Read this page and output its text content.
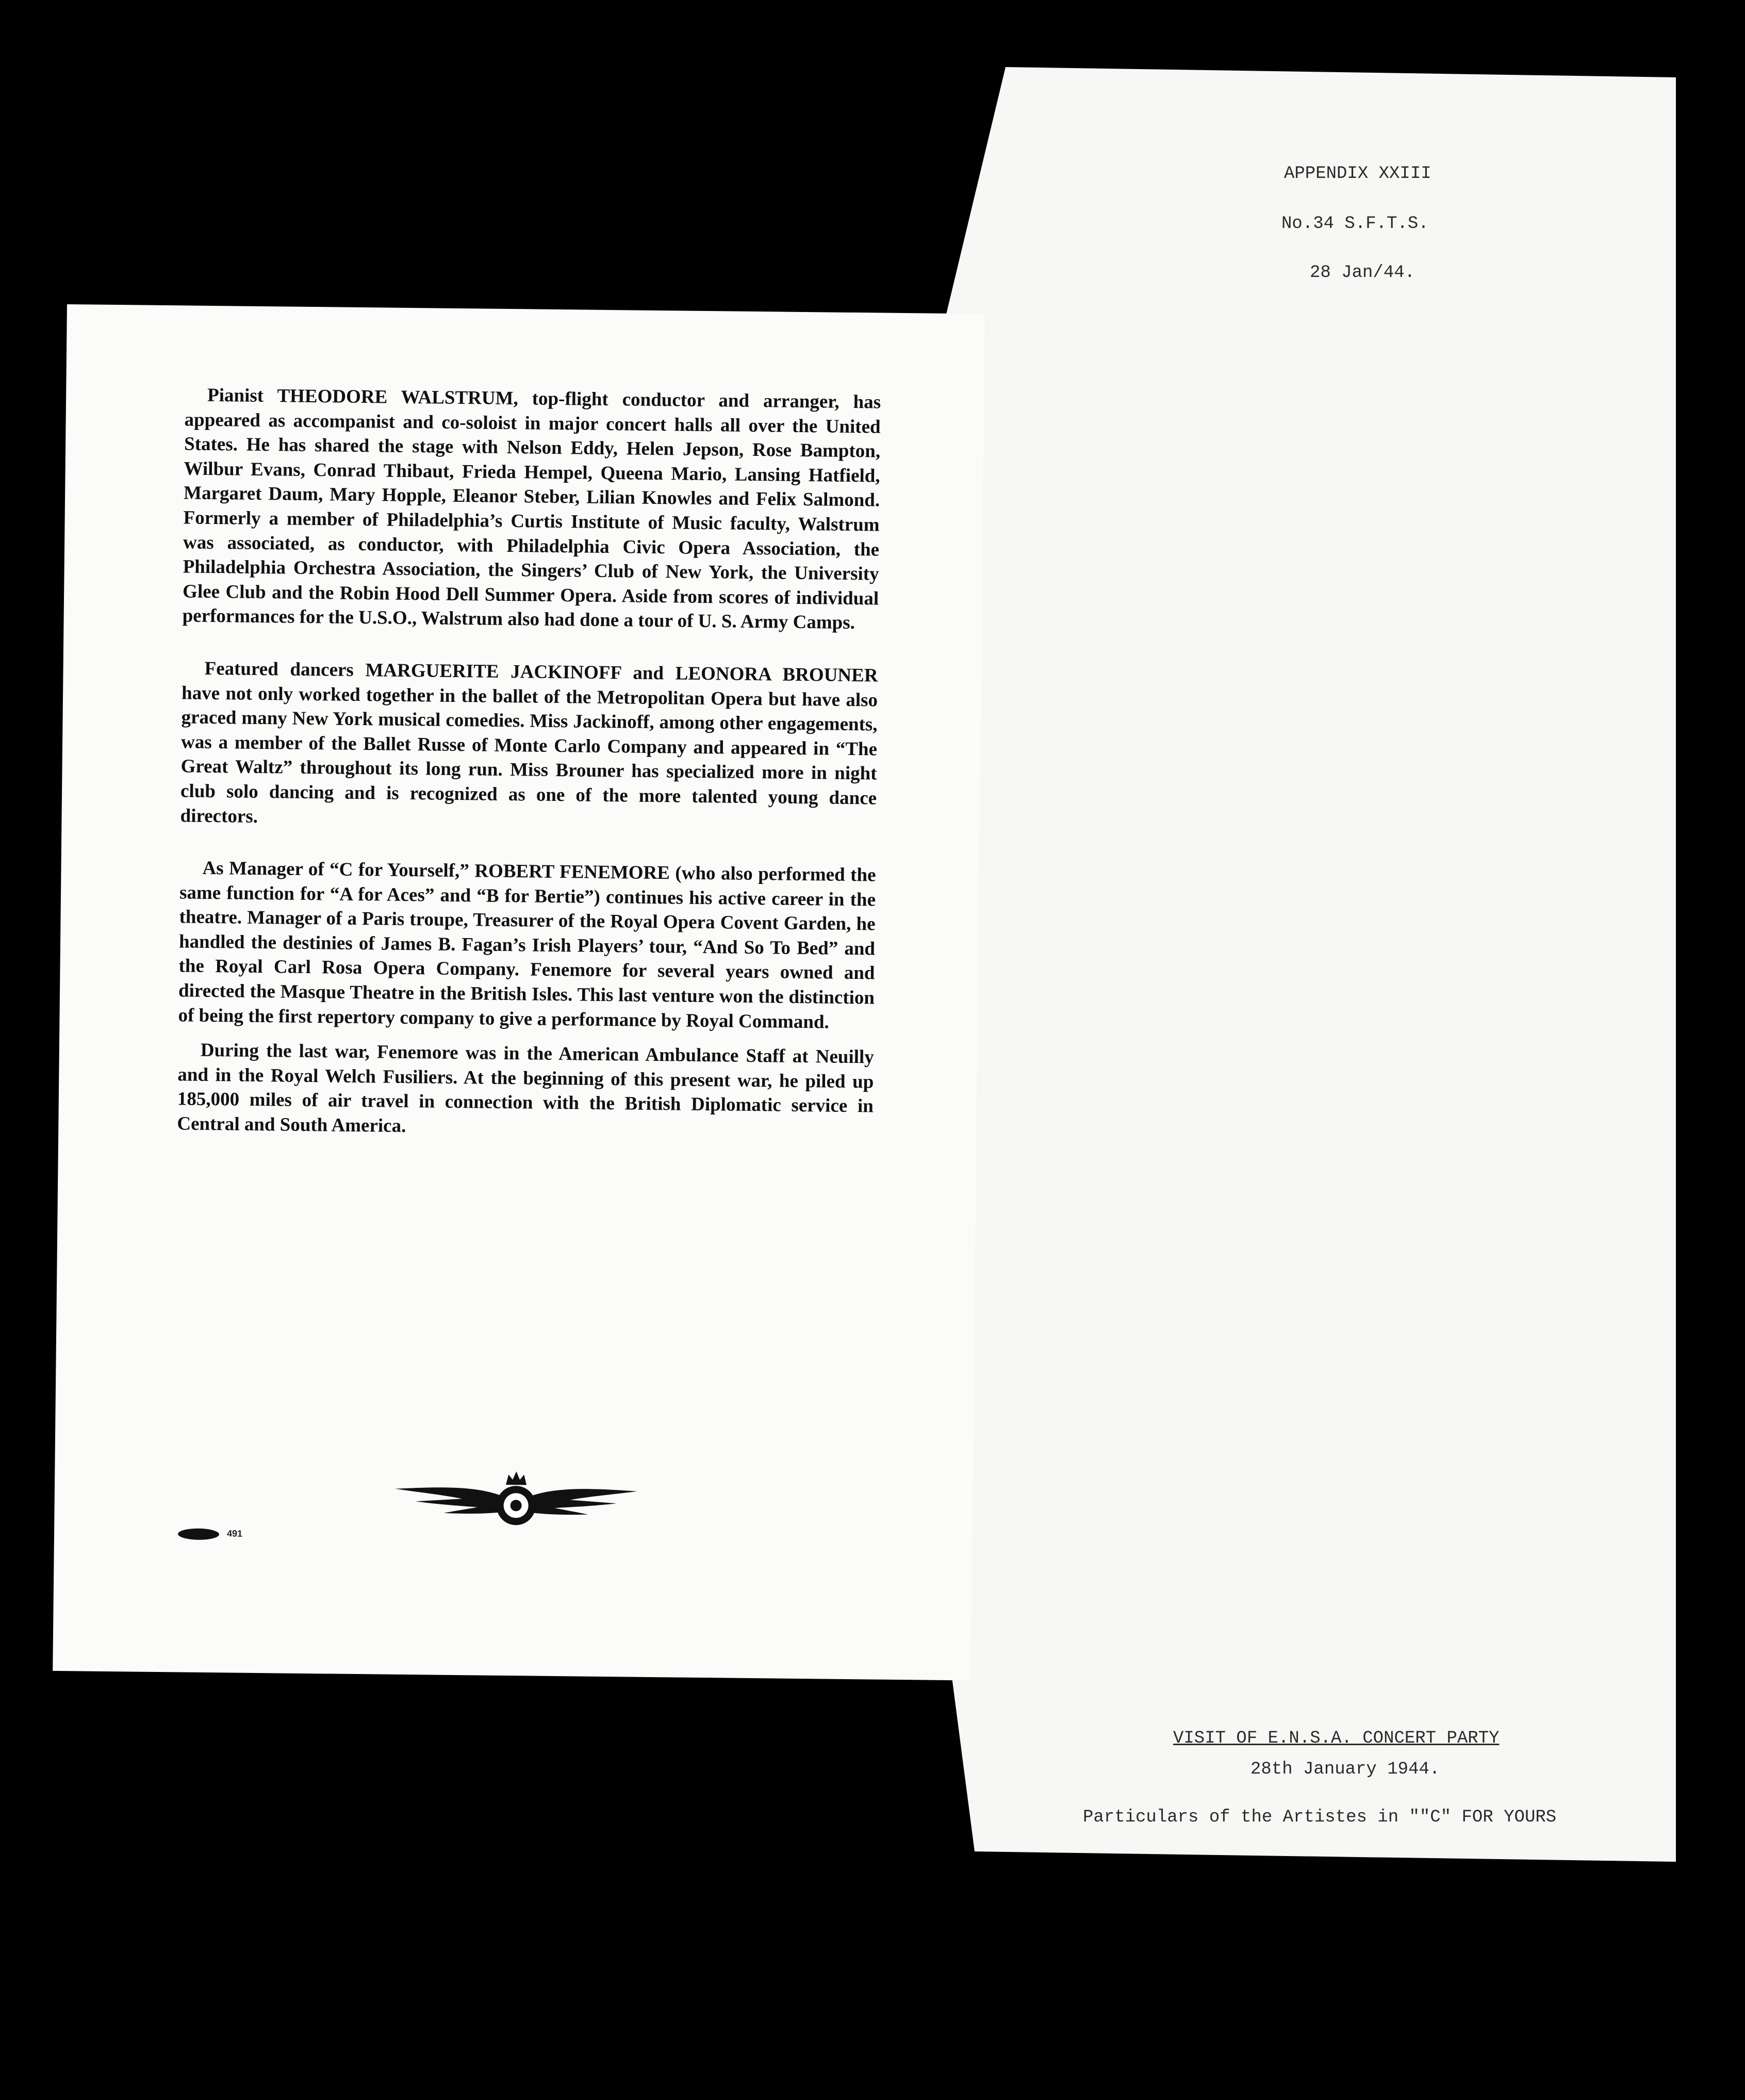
APPENDIX XXIII
No.34 S.F.T.S.
28 Jan/44.
VISIT OF E.N.S.A. CONCERT PARTY
28th January 1944.
Particulars of the Artistes in ""C" FOR YOURS

Pianist THEODORE WALSTRUM, top-flight conductor and arranger, has appeared as accompanist and co-soloist in major concert halls all over the United States. He has shared the stage with Nelson Eddy, Helen Jepson, Rose Bampton, Wilbur Evans, Conrad Thibaut, Frieda Hempel, Queena Mario, Lansing Hatfield, Margaret Daum, Mary Hopple, Eleanor Steber, Lilian Knowles and Felix Salmond. Formerly a member of Philadelphia’s Curtis Institute of Music faculty, Walstrum was associated, as conductor, with Philadelphia Civic Opera Association, the Philadelphia Orchestra Association, the Singers’ Club of New York, the University Glee Club and the Robin Hood Dell Summer Opera. Aside from scores of individual performances for the U.S.O., Walstrum also had done a tour of U. S. Army Camps.

Featured dancers MARGUERITE JACKINOFF and LEONORA BROUNER have not only worked together in the ballet of the Metropolitan Opera but have also graced many New York musical comedies. Miss Jackinoff, among other engagements, was a member of the Ballet Russe of Monte Carlo Company and appeared in “The Great Waltz” throughout its long run. Miss Brouner has specialized more in night club solo dancing and is recognized as one of the more talented young dance directors.

As Manager of “C for Yourself,” ROBERT FENEMORE (who also performed the same function for “A for Aces” and “B for Bertie”) continues his active career in the theatre. Manager of a Paris troupe, Treasurer of the Royal Opera Covent Garden, he handled the destinies of James B. Fagan’s Irish Players’ tour, “And So To Bed” and the Royal Carl Rosa Opera Company. Fenemore for several years owned and directed the Masque Theatre in the British Isles. This last venture won the distinction of being the first repertory company to give a performance by Royal Command.

During the last war, Fenemore was in the American Ambulance Staff at Neuilly and in the Royal Welch Fusiliers. At the beginning of this present war, he piled up 185,000 miles of air travel in connection with the British Diplomatic service in Central and South America.

491
